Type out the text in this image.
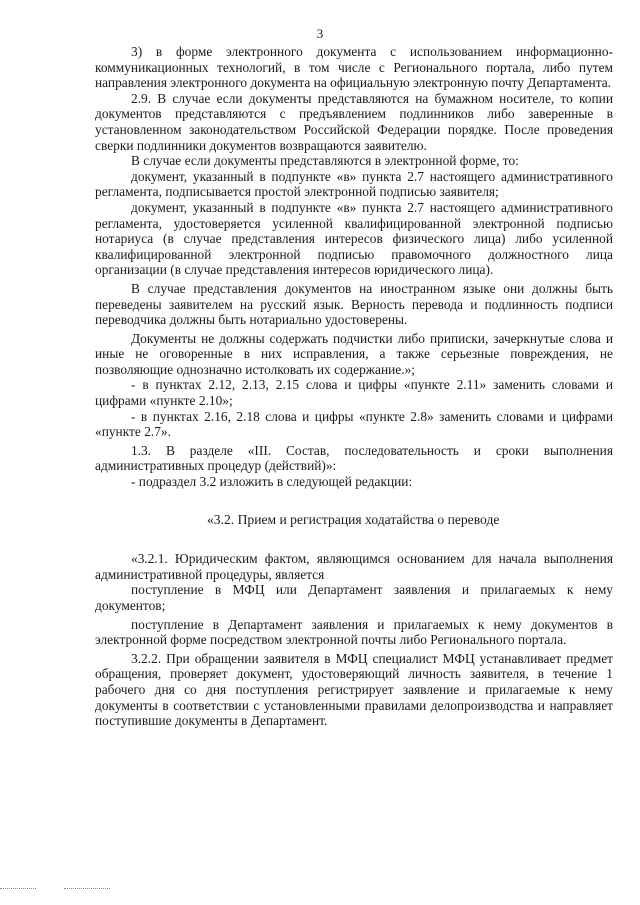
3

3) в форме электронного документа с использованием информационно-коммуникационных технологий, в том числе с Регионального портала, либо путем направления электронного документа на официальную электронную почту Департамента.

2.9. В случае если документы представляются на бумажном носителе, то копии документов представляются с предъявлением подлинников либо заверенные в установленном законодательством Российской Федерации порядке. После проведения сверки подлинники документов возвращаются заявителю.

В случае если документы представляются в электронной форме, то:

документ, указанный в подпункте «в» пункта 2.7 настоящего административного регламента, подписывается простой электронной подписью заявителя;

документ, указанный в подпункте «в» пункта 2.7 настоящего административного регламента, удостоверяется усиленной квалифицированной электронной подписью нотариуса (в случае представления интересов физического лица) либо усиленной квалифицированной электронной подписью правомочного должностного лица организации (в случае представления интересов юридического лица).

В случае представления документов на иностранном языке они должны быть переведены заявителем на русский язык. Верность перевода и подлинность подписи переводчика должны быть нотариально удостоверены.

Документы не должны содержать подчистки либо приписки, зачеркнутые слова и иные не оговоренные в них исправления, а также серьезные повреждения, не позволяющие однозначно истолковать их содержание.»;

- в пунктах 2.12, 2.13, 2.15 слова и цифры «пункте 2.11» заменить словами и цифрами «пункте 2.10»;

- в пунктах 2.16, 2.18 слова и цифры «пункте 2.8» заменить словами и цифрами «пункте 2.7».

1.3. В разделе «III. Состав, последовательность и сроки выполнения административных процедур (действий)»:

- подраздел 3.2 изложить в следующей редакции:

«3.2. Прием и регистрация ходатайства о переводе

«3.2.1. Юридическим фактом, являющимся основанием для начала выполнения административной процедуры, является

поступление в МФЦ или Департамент заявления и прилагаемых к нему документов;

поступление в Департамент заявления и прилагаемых к нему документов в электронной форме посредством электронной почты либо Регионального портала.

3.2.2. При обращении заявителя в МФЦ специалист МФЦ устанавливает предмет обращения, проверяет документ, удостоверяющий личность заявителя, в течение 1 рабочего дня со дня поступления регистрирует заявление и прилагаемые к нему документы в соответствии с установленными правилами делопроизводства и направляет поступившие документы в Департамент.
